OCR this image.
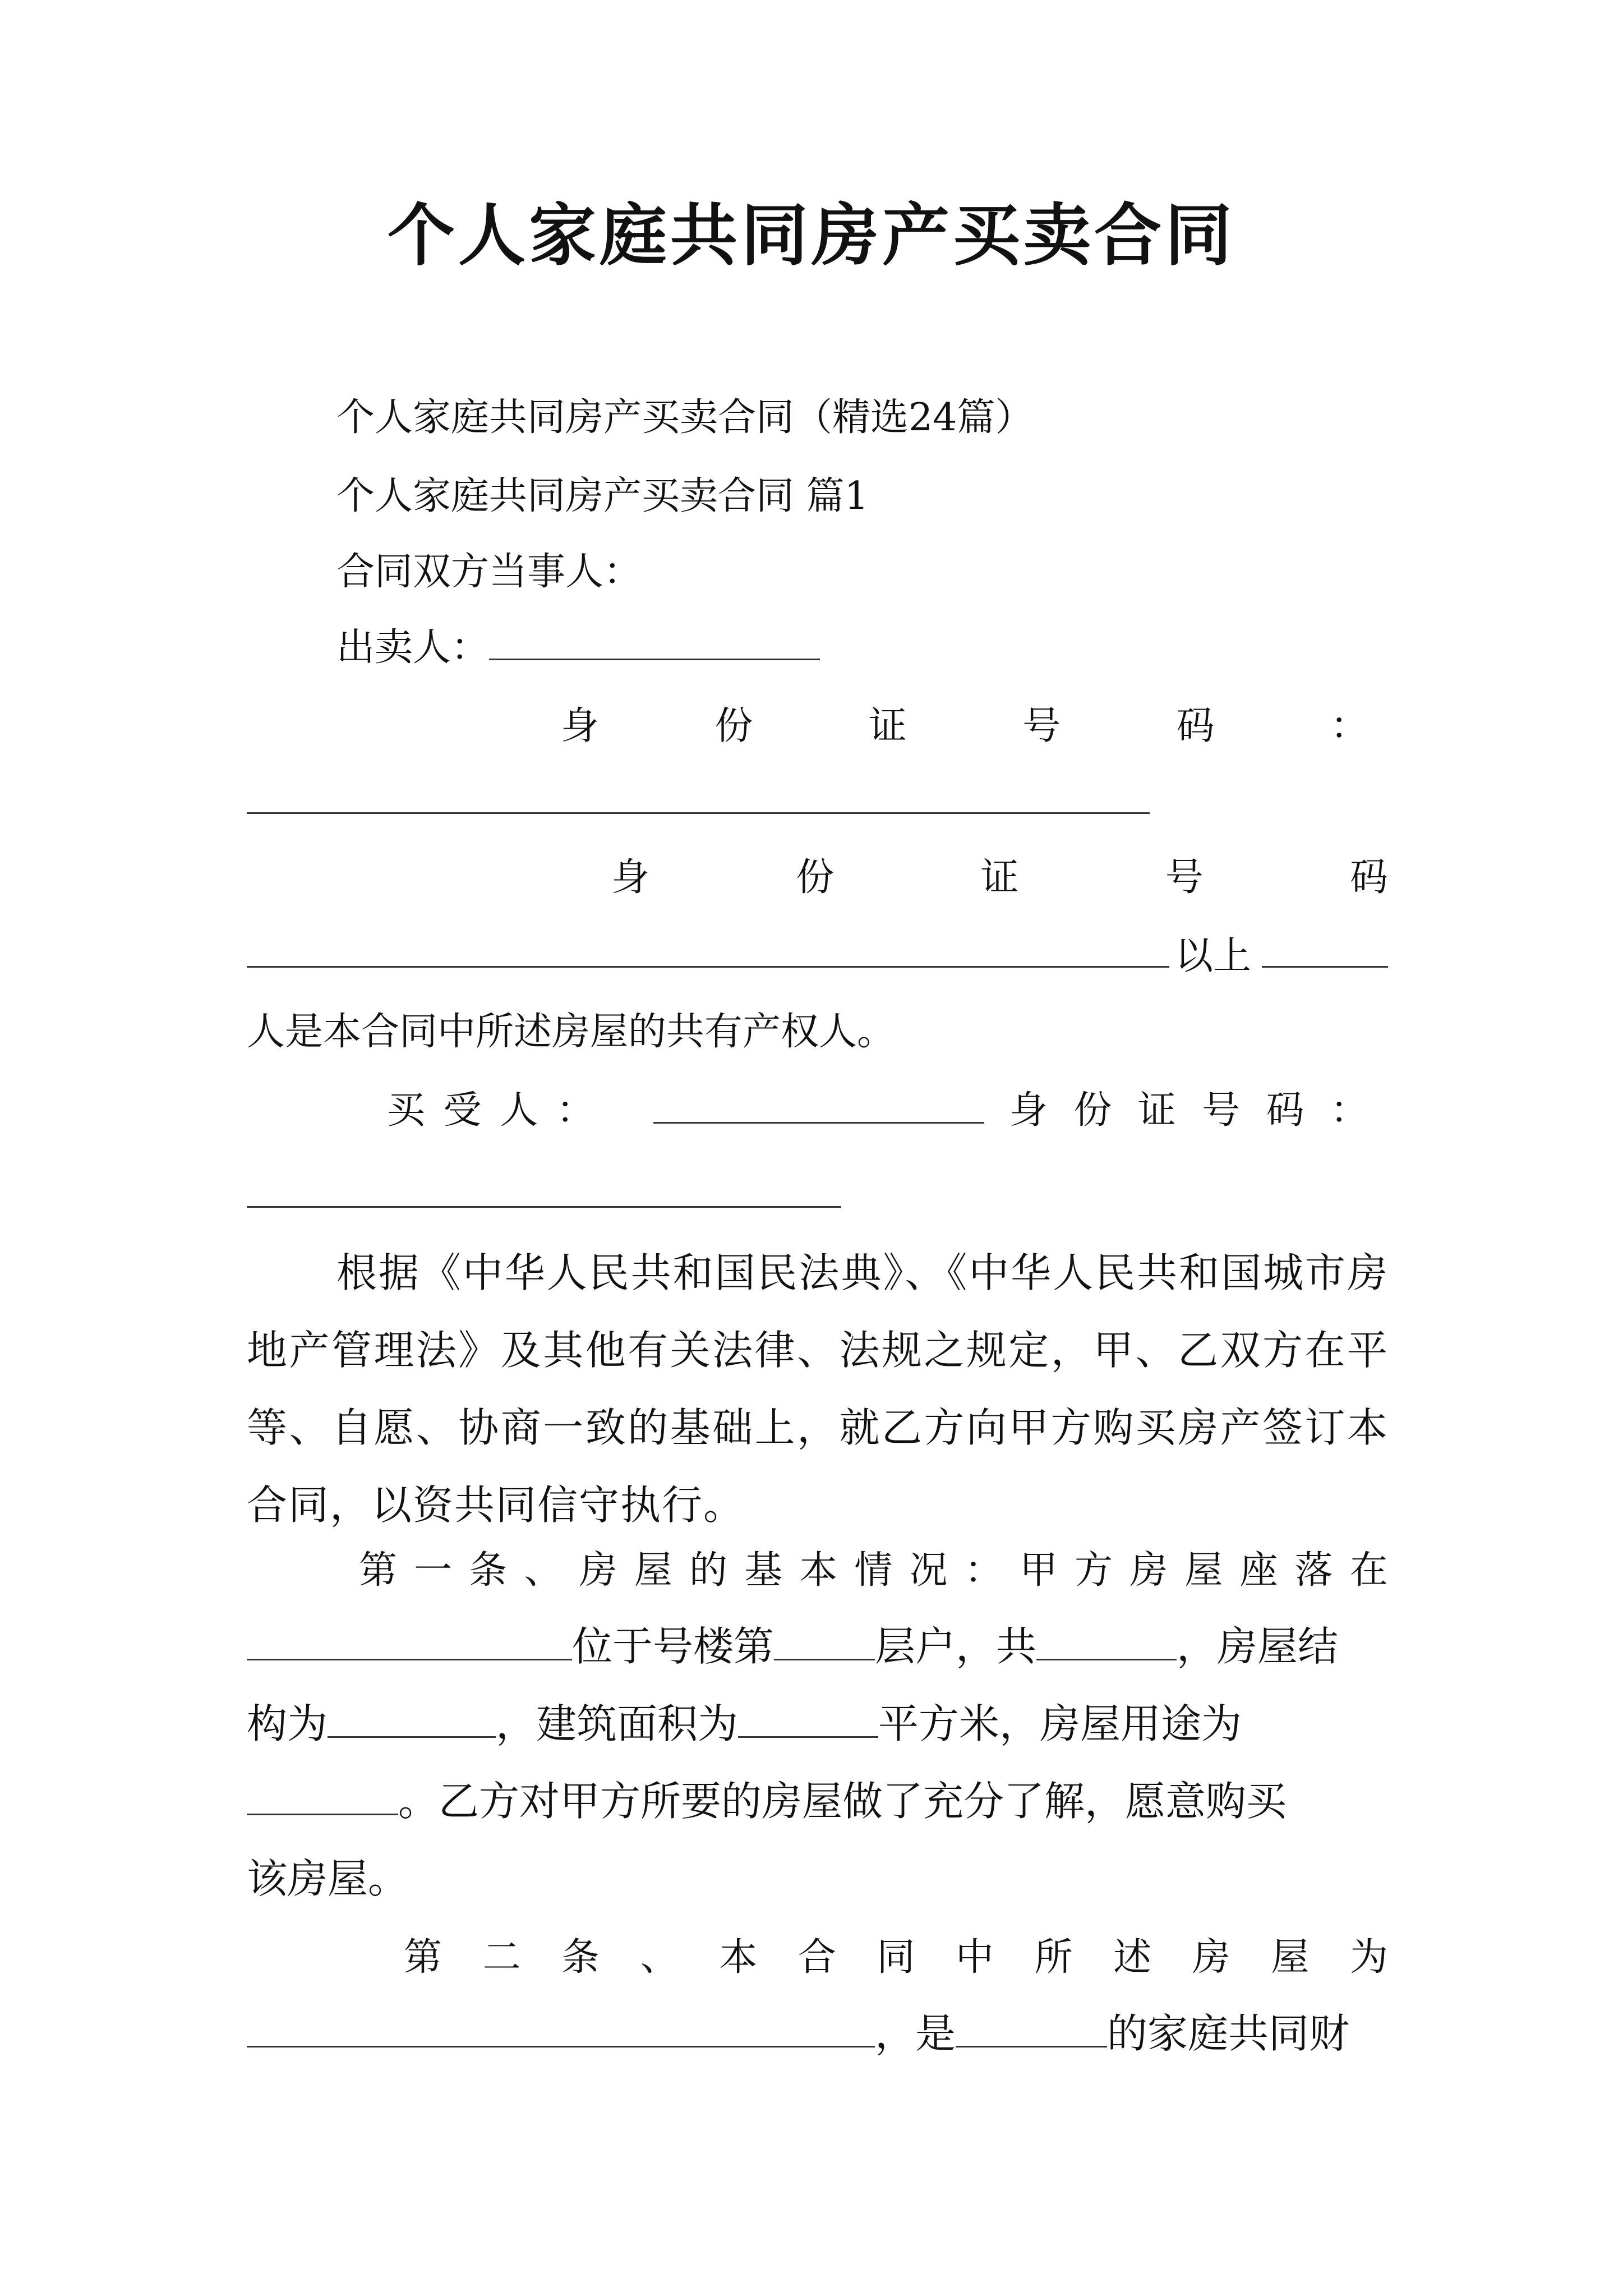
个人家庭共同房产买卖合同
个人家庭共同房产买卖合同（精选24篇）
个人家庭共同房产买卖合同 篇1
合同双方当事人：
出卖人：
身	份	证	号	码	：
身	份	证	号	码
以上
人是本合同中所述房屋的共有产权人。
买 受 人 ：	身 份 证 号 码 ：
根据《中华人民共和国民法典》、《中华人民共和国城市房地产管理法》及其他有关法律、法规之规定，甲、乙双方在平等、自愿、协商一致的基础上，就乙方向甲方购买房产签订本合同，以资共同信守执行。
第 一 条 、 房 屋 的 基 本 情 况 ： 甲 方 房 屋 座 落 在
位于号楼第	层户，共	，房屋结
构为	，建筑面积为	平方米，房屋用途为
。乙方对甲方所要的房屋做了充分了解，愿意购买
该房屋。
第 二 条 、 本 合 同 中 所 述 房 屋 为
，是	的家庭共同财
